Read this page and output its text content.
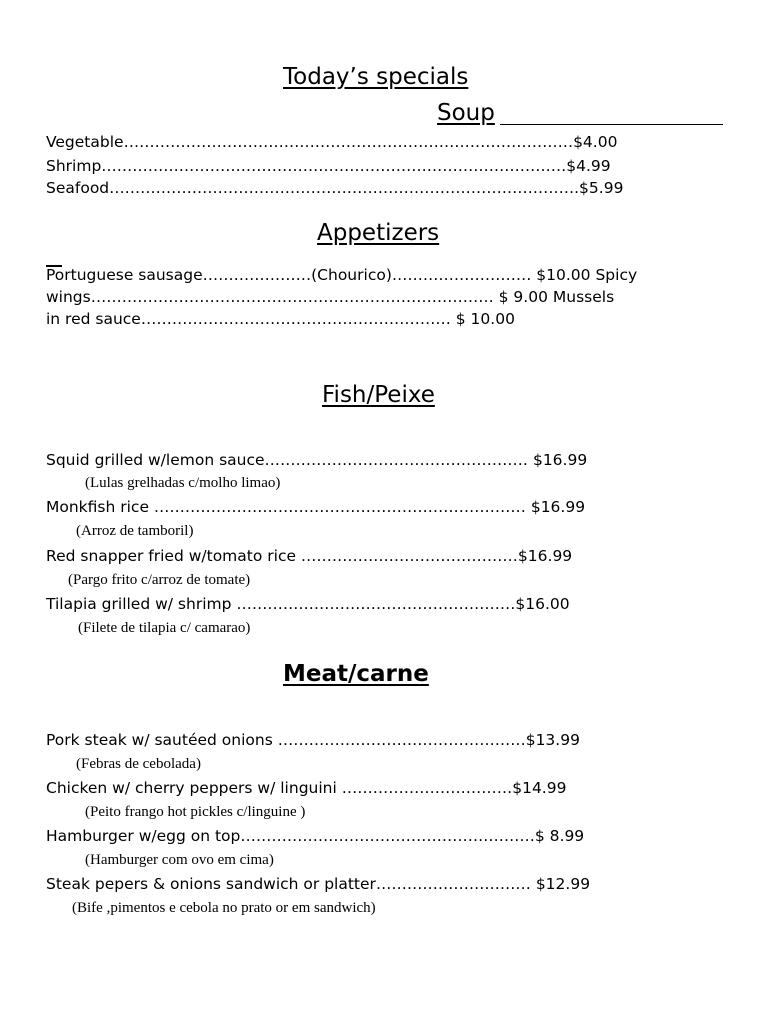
Today’s specials
Soup
Vegetable……………………………………………………………………………$4.00
Shrimp………………………………………………………………………………$4.99
Seafood……………………………………………………………………………….$5.99
Appetizers
Portuguese sausage…………………(Chourico)……………………… $10.00 Spicy
wings…………………………………………………………………… $ 9.00 Mussels
in red sauce…………………………………………………… $ 10.00
Fish/Peixe
Squid grilled w/lemon sauce…………………………………………… $16.99
(Lulas grelhadas c/molho limao)
Monkfish rice ……………………………………………………………… $16.99
(Arroz de tamboril)
Red snapper fried w/tomato rice ……………………………………$16.99
(Pargo frito c/arroz de tomate)
Tilapia grilled w/ shrimp ………………………………………………$16.00
(Filete de tilapia c/ camarao)
Meat/carne
Pork steak w/ sautéed onions …………………………………………$13.99
(Febras de cebolada)
Chicken w/ cherry peppers w/ linguini ……………………………$14.99
(Peito frango hot pickles c/linguine )
Hamburger w/egg on top…………………………………………………$ 8.99
(Hamburger com ovo em cima)
Steak pepers & onions sandwich or platter………………………… $12.99
(Bife ,pimentos e cebola no prato or em sandwich)
